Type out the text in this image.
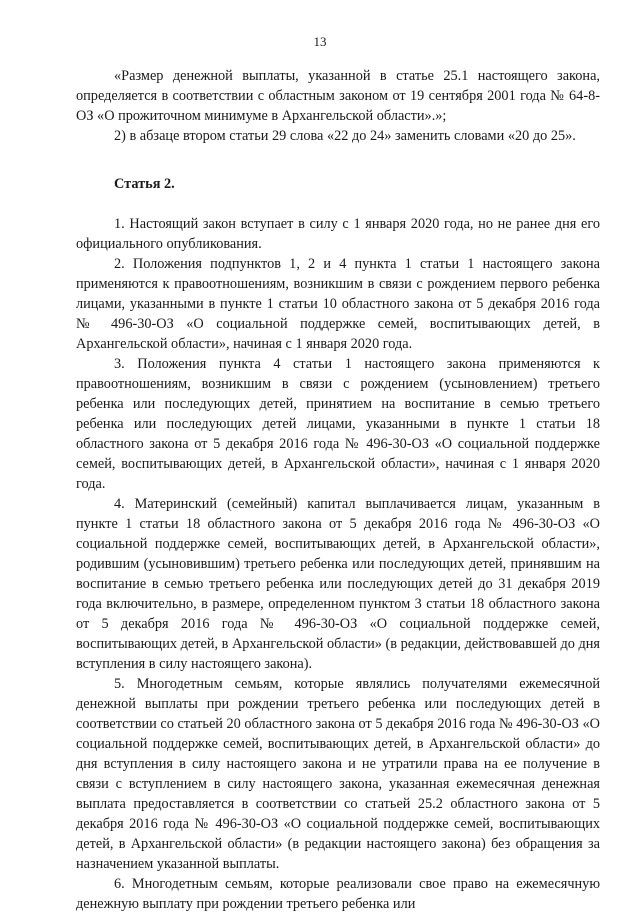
13

«Размер денежной выплаты, указанной в статье 25.1 настоящего закона, определяется в соответствии с областным законом от 19 сентября 2001 года № 64-8-ОЗ «О прожиточном минимуме в Архангельской области».»;

2) в абзаце втором статьи 29 слова «22 до 24» заменить словами «20 до 25».

Статья 2.

1. Настоящий закон вступает в силу с 1 января 2020 года, но не ранее дня его официального опубликования.

2. Положения подпунктов 1, 2 и 4 пункта 1 статьи 1 настоящего закона применяются к правоотношениям, возникшим в связи с рождением первого ребенка лицами, указанными в пункте 1 статьи 10 областного закона от 5 декабря 2016 года № 496-30-ОЗ «О социальной поддержке семей, воспитывающих детей, в Архангельской области», начиная с 1 января 2020 года.

3. Положения пункта 4 статьи 1 настоящего закона применяются к правоотношениям, возникшим в связи с рождением (усыновлением) третьего ребенка или последующих детей, принятием на воспитание в семью третьего ребенка или последующих детей лицами, указанными в пункте 1 статьи 18 областного закона от 5 декабря 2016 года № 496-30-ОЗ «О социальной поддержке семей, воспитывающих детей, в Архангельской области», начиная с 1 января 2020 года.

4. Материнский (семейный) капитал выплачивается лицам, указанным в пункте 1 статьи 18 областного закона от 5 декабря 2016 года № 496-30-ОЗ «О социальной поддержке семей, воспитывающих детей, в Архангельской области», родившим (усыновившим) третьего ребенка или последующих детей, принявшим на воспитание в семью третьего ребенка или последующих детей до 31 декабря 2019 года включительно, в размере, определенном пунктом 3 статьи 18 областного закона от 5 декабря 2016 года № 496-30-ОЗ «О социальной поддержке семей, воспитывающих детей, в Архангельской области» (в редакции, действовавшей до дня вступления в силу настоящего закона).

5. Многодетным семьям, которые являлись получателями ежемесячной денежной выплаты при рождении третьего ребенка или последующих детей в соответствии со статьей 20 областного закона от 5 декабря 2016 года № 496-30-ОЗ «О социальной поддержке семей, воспитывающих детей, в Архангельской области» до дня вступления в силу настоящего закона и не утратили права на ее получение в связи с вступлением в силу настоящего закона, указанная ежемесячная денежная выплата предоставляется в соответствии со статьей 25.2 областного закона от 5 декабря 2016 года № 496-30-ОЗ «О социальной поддержке семей, воспитывающих детей, в Архангельской области» (в редакции настоящего закона) без обращения за назначением указанной выплаты.

6. Многодетным семьям, которые реализовали свое право на ежемесячную денежную выплату при рождении третьего ребенка или
